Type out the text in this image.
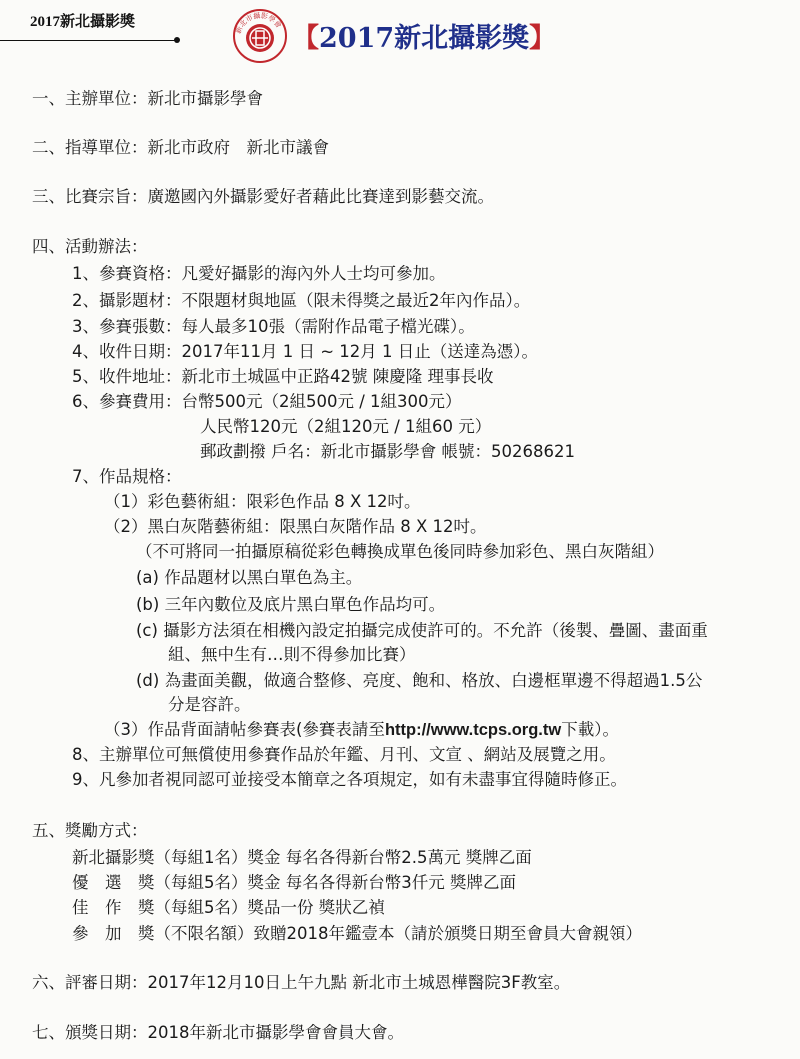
2017新北攝影獎
新北市攝影學會 【2017新北攝影獎】
一、主辦單位：新北市攝影學會
二、指導單位：新北市政府　新北市議會
三、比賽宗旨：廣邀國內外攝影愛好者藉此比賽達到影藝交流。
四、活動辦法：
1、參賽資格：凡愛好攝影的海內外人士均可參加。
2、攝影題材：不限題材與地區（限未得獎之最近2年內作品）。
3、參賽張數：每人最多10張（需附作品電子檔光碟）。
4、收件日期：2017年11月 1 日 ~ 12月 1 日止（送達為憑）。
5、收件地址：新北市土城區中正路42號 陳慶隆 理事長收
6、參賽費用：台幣500元（2組500元 / 1組300元）
人民幣120元（2組120元 / 1組60 元）
郵政劃撥 戶名：新北市攝影學會 帳號：50268621
7、作品規格：
（1）彩色藝術組：限彩色作品 8 X 12吋。
（2）黑白灰階藝術組：限黑白灰階作品 8 X 12吋。
（不可將同一拍攝原稿從彩色轉換成單色後同時參加彩色、黑白灰階組）
(a) 作品題材以黑白單色為主。
(b) 三年內數位及底片黑白單色作品均可。
(c) 攝影方法須在相機內設定拍攝完成使許可的。不允許（後製、疊圖、畫面重
組、無中生有…則不得參加比賽）
(d) 為畫面美觀，做適合整修、亮度、飽和、格放、白邊框單邊不得超過1.5公
分是容許。
（3）作品背面請帖參賽表(參賽表請至http://www.tcps.org.tw下載）。
8、主辦單位可無償使用參賽作品於年鑑、月刊、文宣 、網站及展覽之用。
9、凡參加者視同認可並接受本簡章之各項規定，如有未盡事宜得隨時修正。
五、獎勵方式：
新北攝影獎（每組1名）獎金 每名各得新台幣2.5萬元 獎牌乙面
優　選　獎（每組5名）獎金 每名各得新台幣3仟元 獎牌乙面
佳　作　獎（每組5名）獎品一份 獎狀乙禎
參　加　獎（不限名額）致贈2018年鑑壹本（請於頒獎日期至會員大會親領）
六、評審日期：2017年12月10日上午九點 新北市土城恩樺醫院3F教室。
七、頒獎日期：2018年新北市攝影學會會員大會。
